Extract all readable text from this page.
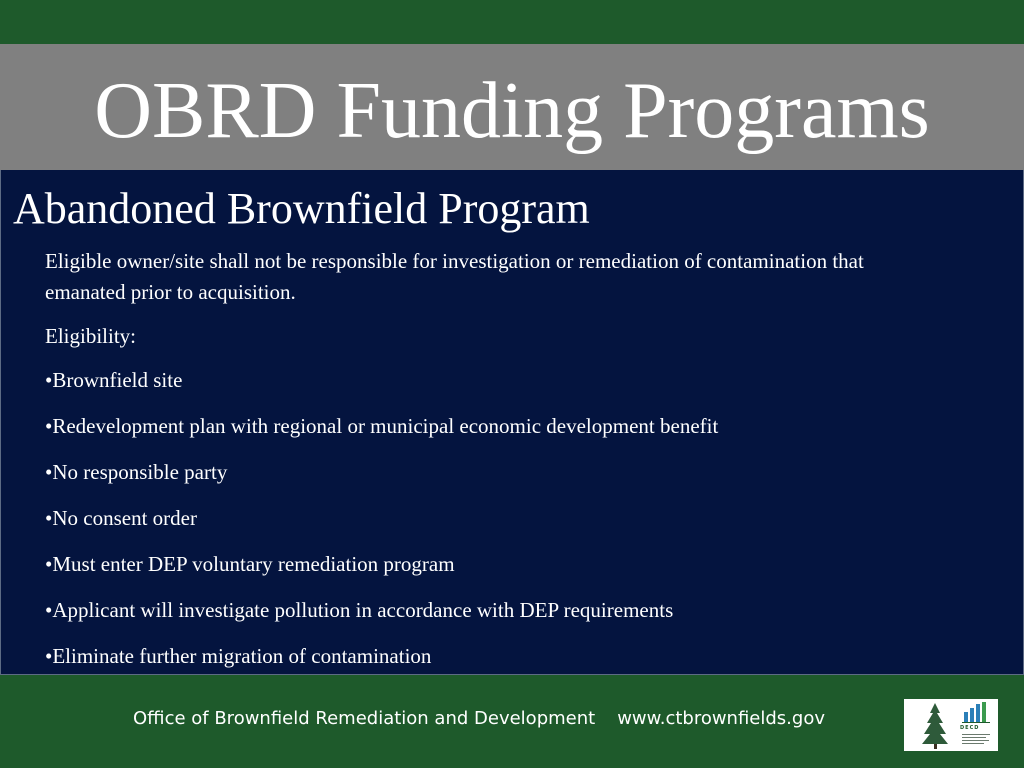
OBRD Funding Programs
Abandoned Brownfield Program

Eligible owner/site shall not be responsible for investigation or remediation of contamination that emanated prior to acquisition.

Eligibility:

•Brownfield site
•Redevelopment plan with regional or municipal economic development benefit
•No responsible party
•No consent order
•Must enter DEP voluntary remediation program
•Applicant will investigate pollution in accordance with DEP requirements
•Eliminate further migration of contamination
Office of Brownfield Remediation and Development www.ctbrownfields.gov	DECD
